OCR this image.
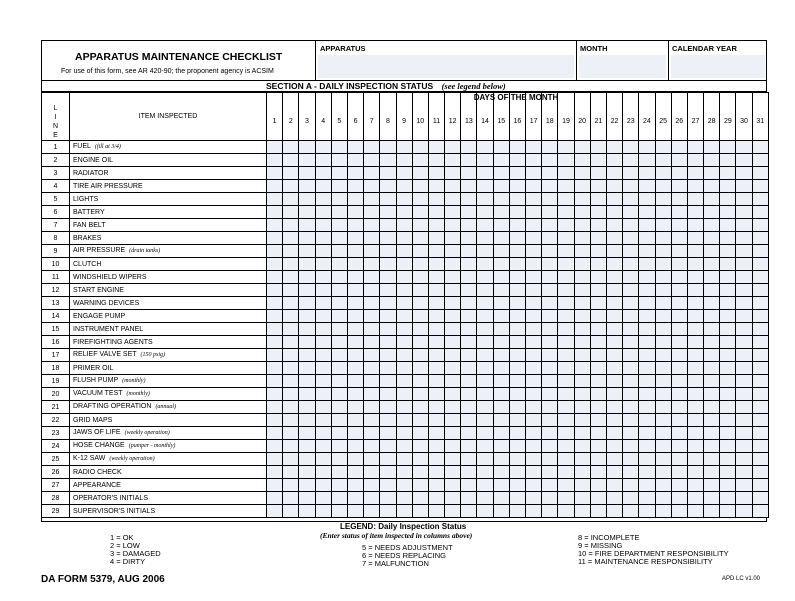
APPARATUS MAINTENANCE CHECKLIST
For use of this form, see AR 420-90; the proponent agency is ACSIM
APPARATUS	MONTH	CALENDAR YEAR
SECTION A - DAILY INSPECTION STATUS (see legend below)
L
I
N
E	ITEM INSPECTED	1	2	3	4	5	6	7	8	9	10	11	12	13	14	15	16	17	18	19	20	21	22	23	24	25	26	27	28	29	30	31
1	FUEL (fill at 3/4)																															
2	ENGINE OIL																															
3	RADIATOR																															
4	TIRE AIR PRESSURE																															
5	LIGHTS																															
6	BATTERY																															
7	FAN BELT																															
8	BRAKES																															
9	AIR PRESSURE (drain tanks)																															
10	CLUTCH																															
11	WINDSHIELD WIPERS																															
12	START ENGINE																															
13	WARNING DEVICES																															
14	ENGAGE PUMP																															
15	INSTRUMENT PANEL																															
16	FIREFIGHTING AGENTS																															
17	RELIEF VALVE SET (150 psig)																															
18	PRIMER OIL																															
19	FLUSH PUMP (monthly)																															
20	VACUUM TEST (monthly)																															
21	DRAFTING OPERATION (annual)																															
22	GRID MAPS																															
23	JAWS OF LIFE (weekly operation)																															
24	HOSE CHANGE (pumper - monthly)																															
25	K-12 SAW (weekly operation)																															
26	RADIO CHECK																															
27	APPEARANCE																															
28	OPERATOR'S INITIALS																															
29	SUPERVISOR'S INITIALS																															
DAYS OF THE MONTH
LEGEND: Daily Inspection Status
(Enter status of item inspected in columns above)
1 = OK
2 = LOW
3 = DAMAGED
4 = DIRTY
5 = NEEDS ADJUSTMENT
6 = NEEDS REPLACING
7 = MALFUNCTION
8 = INCOMPLETE
9 = MISSING
10 = FIRE DEPARTMENT RESPONSIBILITY
11 = MAINTENANCE RESPONSIBILITY
DA FORM 5379, AUG 2006	APD LC v1.00
